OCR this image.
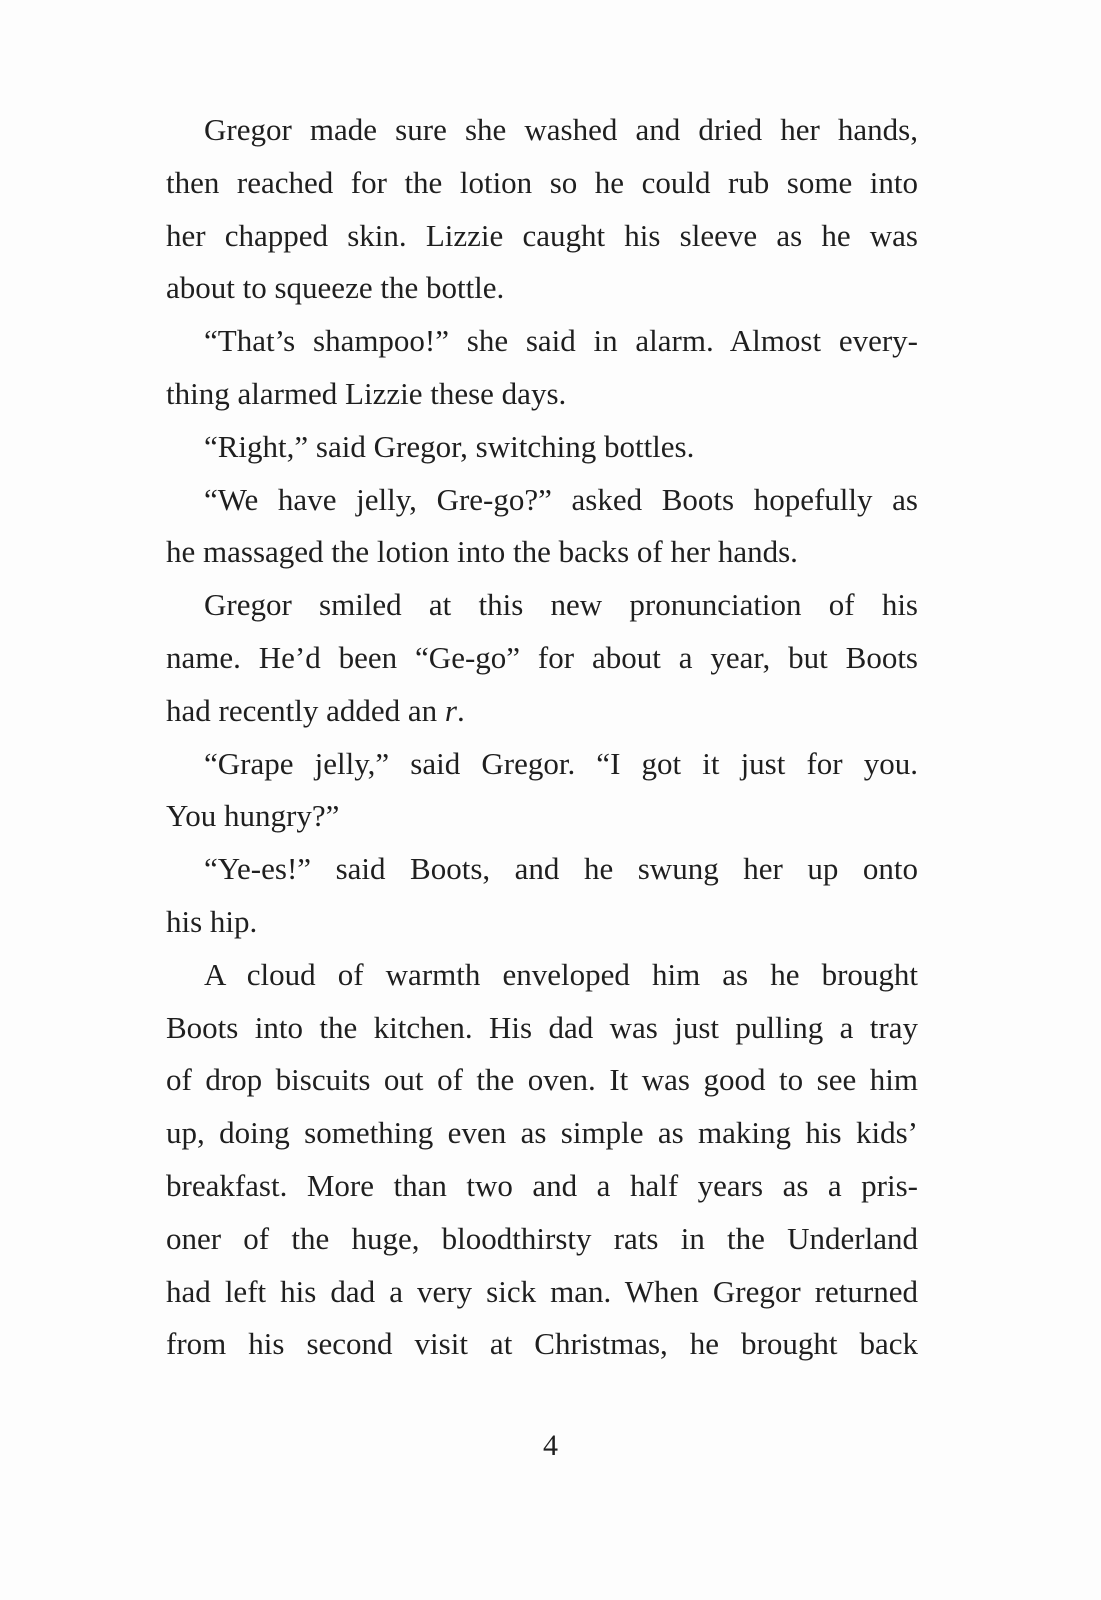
Gregor made sure she washed and dried her hands,
then reached for the lotion so he could rub some into
her chapped skin. Lizzie caught his sleeve as he was
about to squeeze the bottle.
“That’s shampoo!” she said in alarm. Almost every-
thing alarmed Lizzie these days.
“Right,” said Gregor, switching bottles.
“We have jelly, Gre-go?” asked Boots hopefully as
he massaged the lotion into the backs of her hands.
Gregor smiled at this new pronunciation of his
name. He’d been “Ge-go” for about a year, but Boots
had recently added an r.
“Grape jelly,” said Gregor. “I got it just for you.
You hungry?”
“Ye-es!” said Boots, and he swung her up onto
his hip.
A cloud of warmth enveloped him as he brought
Boots into the kitchen. His dad was just pulling a tray
of drop biscuits out of the oven. It was good to see him
up, doing something even as simple as making his kids’
breakfast. More than two and a half years as a pris-
oner of the huge, bloodthirsty rats in the Underland
had left his dad a very sick man. When Gregor returned
from his second visit at Christmas, he brought back
4
